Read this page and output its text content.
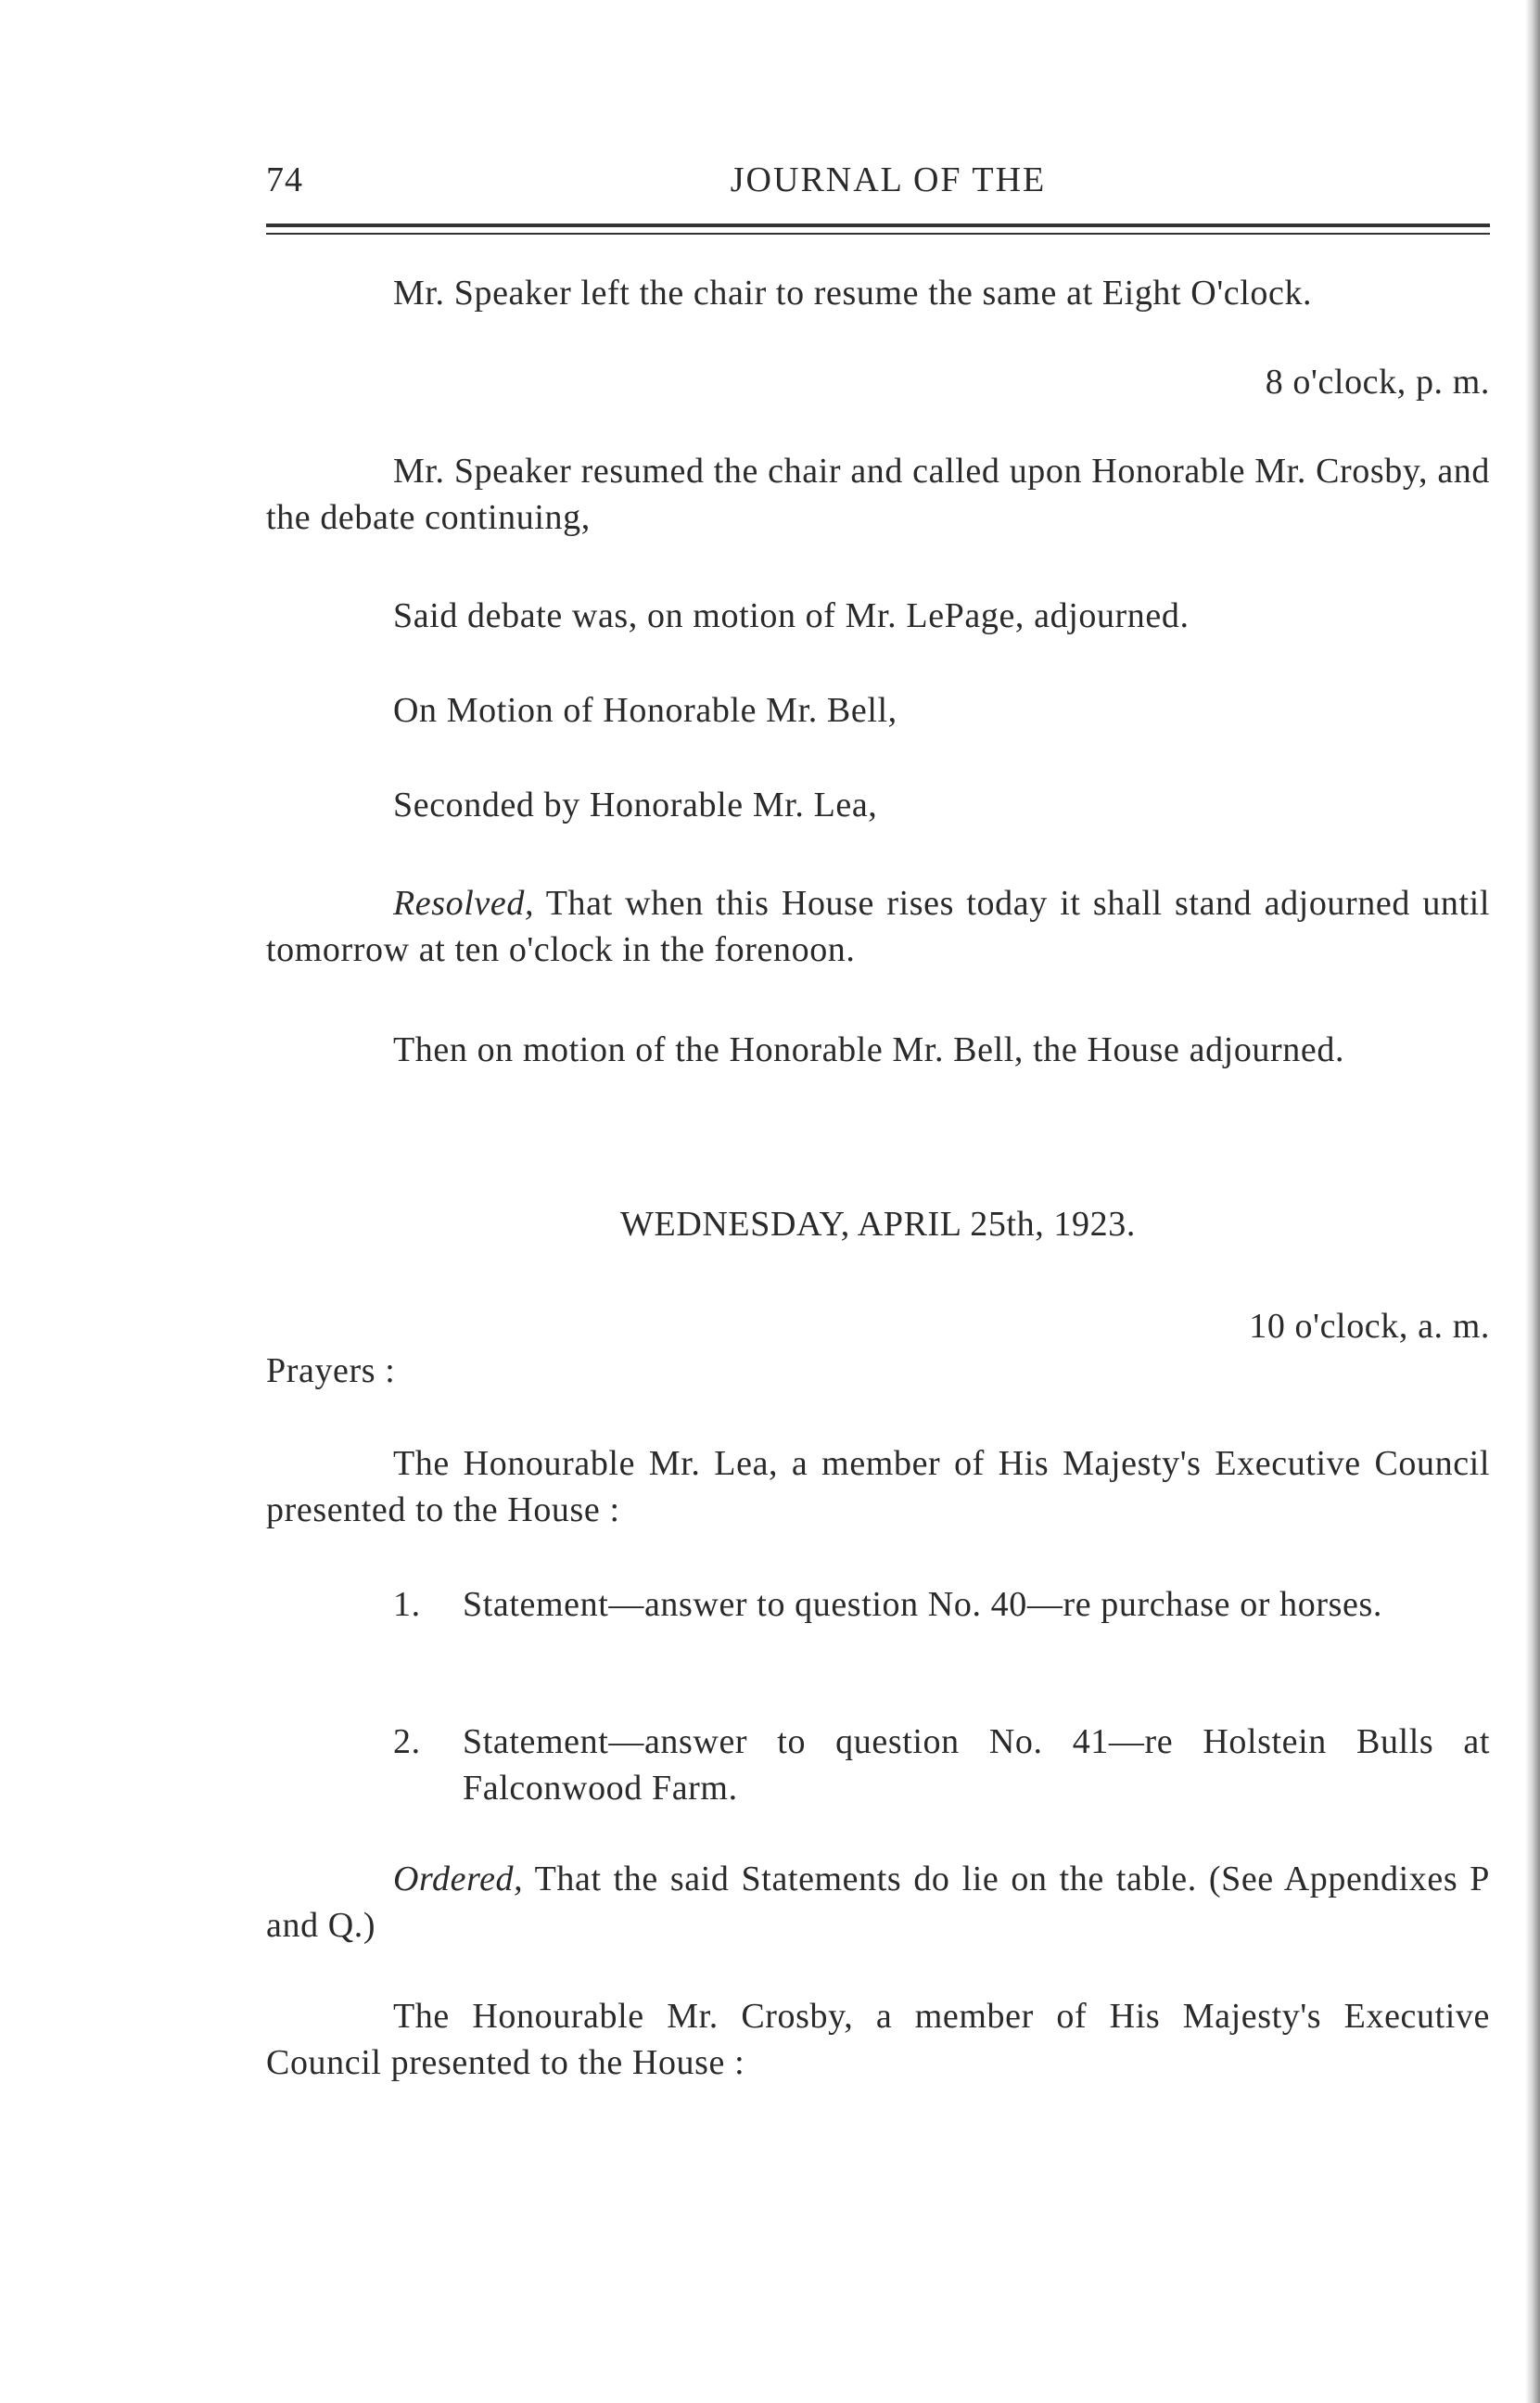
74	JOURNAL OF THE
Mr. Speaker left the chair to resume the same at Eight O'clock.
8 o'clock, p. m.
Mr. Speaker resumed the chair and called upon Honorable Mr. Crosby, and the debate continuing,
Said debate was, on motion of Mr. LePage, adjourned.
On Motion of Honorable Mr. Bell,
Seconded by Honorable Mr. Lea,
Resolved, That when this House rises today it shall stand adjourned until tomorrow at ten o'clock in the forenoon.
Then on motion of the Honorable Mr. Bell, the House adjourned.
WEDNESDAY, APRIL 25th, 1923.
10 o'clock, a. m.
Prayers :
The Honourable Mr. Lea, a member of His Majesty's Executive Council presented to the House :
1. Statement—answer to question No. 40—re purchase or horses.
2. Statement—answer to question No. 41—re Holstein Bulls at Falconwood Farm.
Ordered, That the said Statements do lie on the table. (See Appendixes P and Q.)
The Honourable Mr. Crosby, a member of His Majesty's Executive Council presented to the House :
